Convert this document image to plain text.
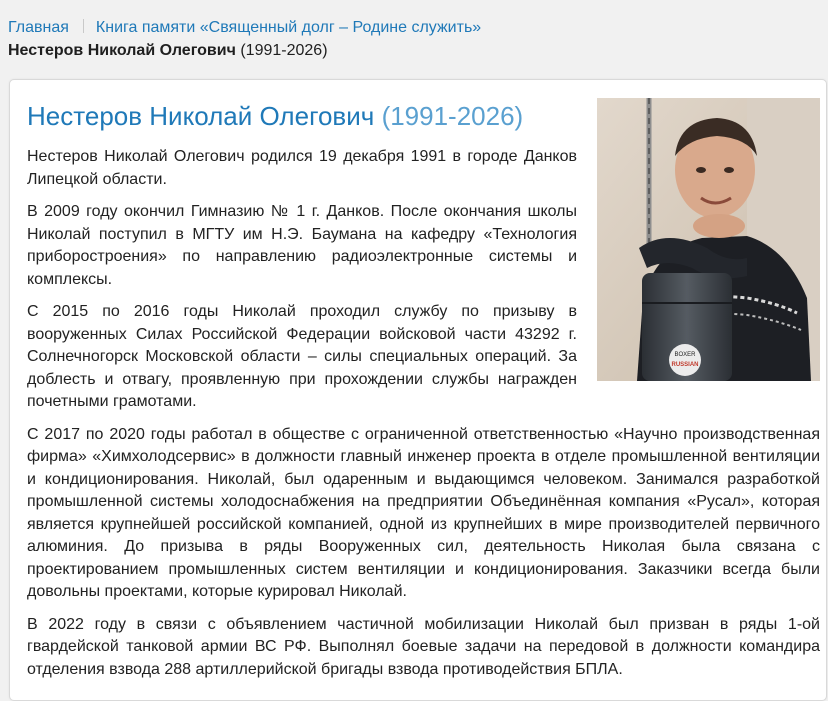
Главная Книга памяти «Священный долг – Родине служить»
Нестеров Николай Олегович (1991-2026)
Нестеров Николай Олегович (1991-2026)
BOXER
RUSSIAN

Нестеров Николай Олегович родился 19 декабря 1991 в городе Данков Липецкой области.

В 2009 году окончил Гимназию № 1 г. Данков. После окончания школы Николай поступил в МГТУ им Н.Э. Баумана на кафедру «Технология приборостроения» по направлению радиоэлектронные системы и комплексы.

С 2015 по 2016 годы Николай проходил службу по призыву в вооруженных Силах Российской Федерации войсковой части 43292 г. Солнечногорск Московской области – силы специальных операций. За доблесть и отвагу, проявленную при прохождении службы награжден почетными грамотами.

С 2017 по 2020 годы работал в обществе с ограниченной ответственностью «Научно производственная фирма» «Химхолодсервис» в должности главный инженер проекта в отделе промышленной вентиляции и кондиционирования. Николай, был одаренным и выдающимся человеком. Занимался разработкой промышленной системы холодоснабжения на предприятии Объединённая компания «Русал», которая является крупнейшей российской компанией, одной из крупнейших в мире производителей первичного алюминия. До призыва в ряды Вооруженных сил, деятельность Николая была связана с проектированием промышленных систем вентиляции и кондиционирования. Заказчики всегда были довольны проектами, которые курировал Николай.

В 2022 году в связи с объявлением частичной мобилизации Николай был призван в ряды 1-ой гвардейской танковой армии ВС РФ. Выполнял боевые задачи на передовой в должности командира отделения взвода 288 артиллерийской бригады взвода противодействия БПЛА.
